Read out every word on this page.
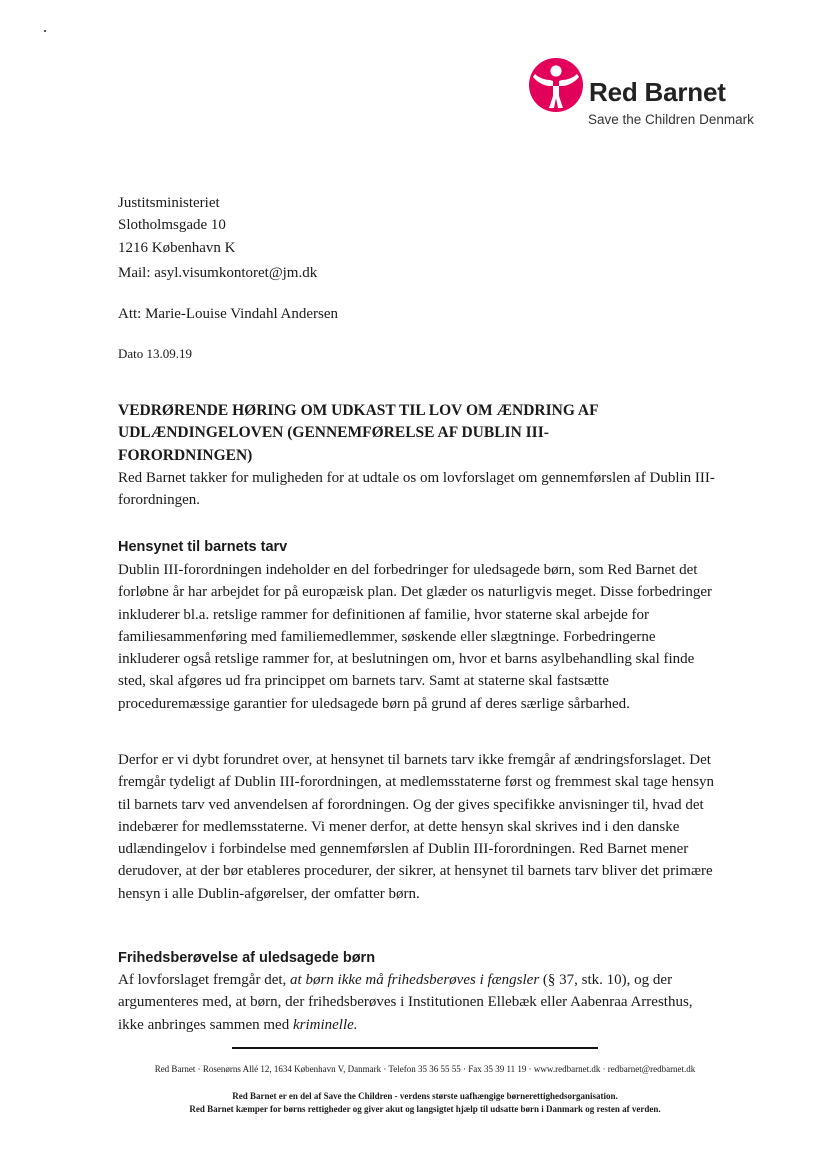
Red Barnet
Save the Children Denmark
Justitsministeriet
Slotholmsgade 10
1216 København K
Mail: asyl.visumkontoret@jm.dk
Att: Marie-Louise Vindahl Andersen
Dato 13.09.19
VEDRØRENDE HØRING OM UDKAST TIL LOV OM ÆNDRING AF UDLÆNDINGELOVEN (GENNEMFØRELSE AF DUBLIN III-FORORDNINGEN)
Red Barnet takker for muligheden for at udtale os om lovforslaget om gennemførslen af Dublin III-forordningen.
Hensynet til barnets tarv
Dublin III-forordningen indeholder en del forbedringer for uledsagede børn, som Red Barnet det forløbne år har arbejdet for på europæisk plan. Det glæder os naturligvis meget. Disse forbedringer inkluderer bl.a. retslige rammer for definitionen af familie, hvor staterne skal arbejde for familiesammenføring med familiemedlemmer, søskende eller slægtninge. Forbedringerne inkluderer også retslige rammer for, at beslutningen om, hvor et barns asylbehandling skal finde sted, skal afgøres ud fra princippet om barnets tarv. Samt at staterne skal fastsætte proceduremæssige garantier for uledsagede børn på grund af deres særlige sårbarhed.
Derfor er vi dybt forundret over, at hensynet til barnets tarv ikke fremgår af ændringsforslaget. Det fremgår tydeligt af Dublin III-forordningen, at medlemsstaterne først og fremmest skal tage hensyn til barnets tarv ved anvendelsen af forordningen. Og der gives specifikke anvisninger til, hvad det indebærer for medlemsstaterne. Vi mener derfor, at dette hensyn skal skrives ind i den danske udlændingelov i forbindelse med gennemførslen af Dublin III-forordningen. Red Barnet mener derudover, at der bør etableres procedurer, der sikrer, at hensynet til barnets tarv bliver det primære hensyn i alle Dublin-afgørelser, der omfatter børn.
Frihedsberøvelse af uledsagede børn
Af lovforslaget fremgår det, at børn ikke må frihedsberøves i fængsler (§ 37, stk. 10), og der argumenteres med, at børn, der frihedsberøves i Institutionen Ellebæk eller Aabenraa Arresthus, ikke anbringes sammen med kriminelle.
Red Barnet · Rosenørns Allé 12, 1634 København V, Danmark · Telefon 35 36 55 55 · Fax 35 39 11 19 · www.redbarnet.dk · redbarnet@redbarnet.dk
Red Barnet er en del af Save the Children - verdens største uafhængige børnerettighedsorganisation.
Red Barnet kæmper for børns rettigheder og giver akut og langsigtet hjælp til udsatte børn i Danmark og resten af verden.
